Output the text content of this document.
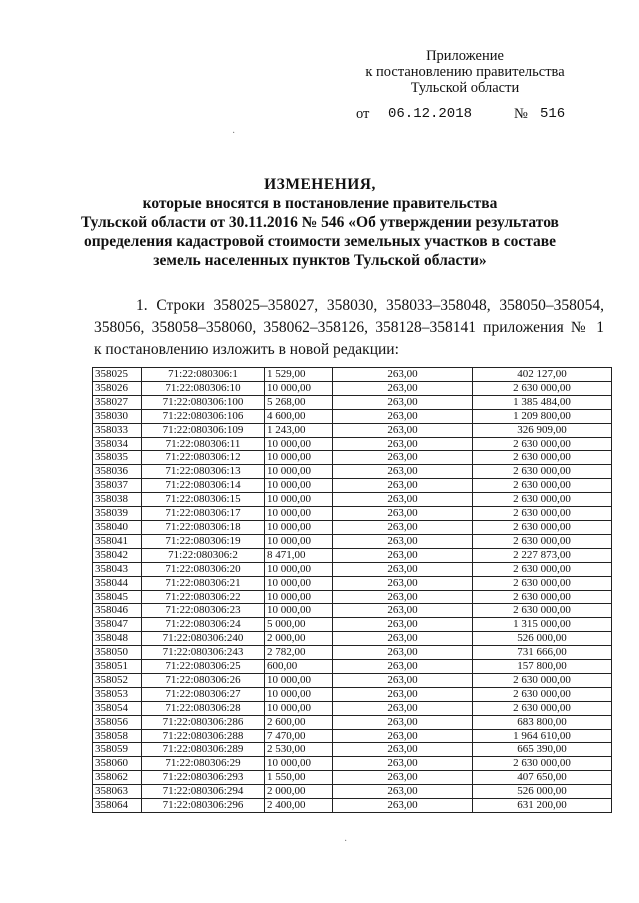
Приложение
к постановлению правительства
Тульской области
от 06.12.2018	№ 516
ИЗМЕНЕНИЯ,
которые вносятся в постановление правительства
Тульской области от 30.11.2016 № 546 «Об утверждении результатов
определения кадастровой стоимости земельных участков в составе
земель населенных пунктов Тульской области»
1. Строки 358025–358027, 358030, 358033–358048, 358050–358054,
358056, 358058–358060, 358062–358126, 358128–358141 приложения № 1
к постановлению изложить в новой редакции:
358025	71:22:080306:1	1 529,00	263,00	402 127,00
358026	71:22:080306:10	10 000,00	263,00	2 630 000,00
358027	71:22:080306:100	5 268,00	263,00	1 385 484,00
358030	71:22:080306:106	4 600,00	263,00	1 209 800,00
358033	71:22:080306:109	1 243,00	263,00	326 909,00
358034	71:22:080306:11	10 000,00	263,00	2 630 000,00
358035	71:22:080306:12	10 000,00	263,00	2 630 000,00
358036	71:22:080306:13	10 000,00	263,00	2 630 000,00
358037	71:22:080306:14	10 000,00	263,00	2 630 000,00
358038	71:22:080306:15	10 000,00	263,00	2 630 000,00
358039	71:22:080306:17	10 000,00	263,00	2 630 000,00
358040	71:22:080306:18	10 000,00	263,00	2 630 000,00
358041	71:22:080306:19	10 000,00	263,00	2 630 000,00
358042	71:22:080306:2	8 471,00	263,00	2 227 873,00
358043	71:22:080306:20	10 000,00	263,00	2 630 000,00
358044	71:22:080306:21	10 000,00	263,00	2 630 000,00
358045	71:22:080306:22	10 000,00	263,00	2 630 000,00
358046	71:22:080306:23	10 000,00	263,00	2 630 000,00
358047	71:22:080306:24	5 000,00	263,00	1 315 000,00
358048	71:22:080306:240	2 000,00	263,00	526 000,00
358050	71:22:080306:243	2 782,00	263,00	731 666,00
358051	71:22:080306:25	600,00	263,00	157 800,00
358052	71:22:080306:26	10 000,00	263,00	2 630 000,00
358053	71:22:080306:27	10 000,00	263,00	2 630 000,00
358054	71:22:080306:28	10 000,00	263,00	2 630 000,00
358056	71:22:080306:286	2 600,00	263,00	683 800,00
358058	71:22:080306:288	7 470,00	263,00	1 964 610,00
358059	71:22:080306:289	2 530,00	263,00	665 390,00
358060	71:22:080306:29	10 000,00	263,00	2 630 000,00
358062	71:22:080306:293	1 550,00	263,00	407 650,00
358063	71:22:080306:294	2 000,00	263,00	526 000,00
358064	71:22:080306:296	2 400,00	263,00	631 200,00
·
·
